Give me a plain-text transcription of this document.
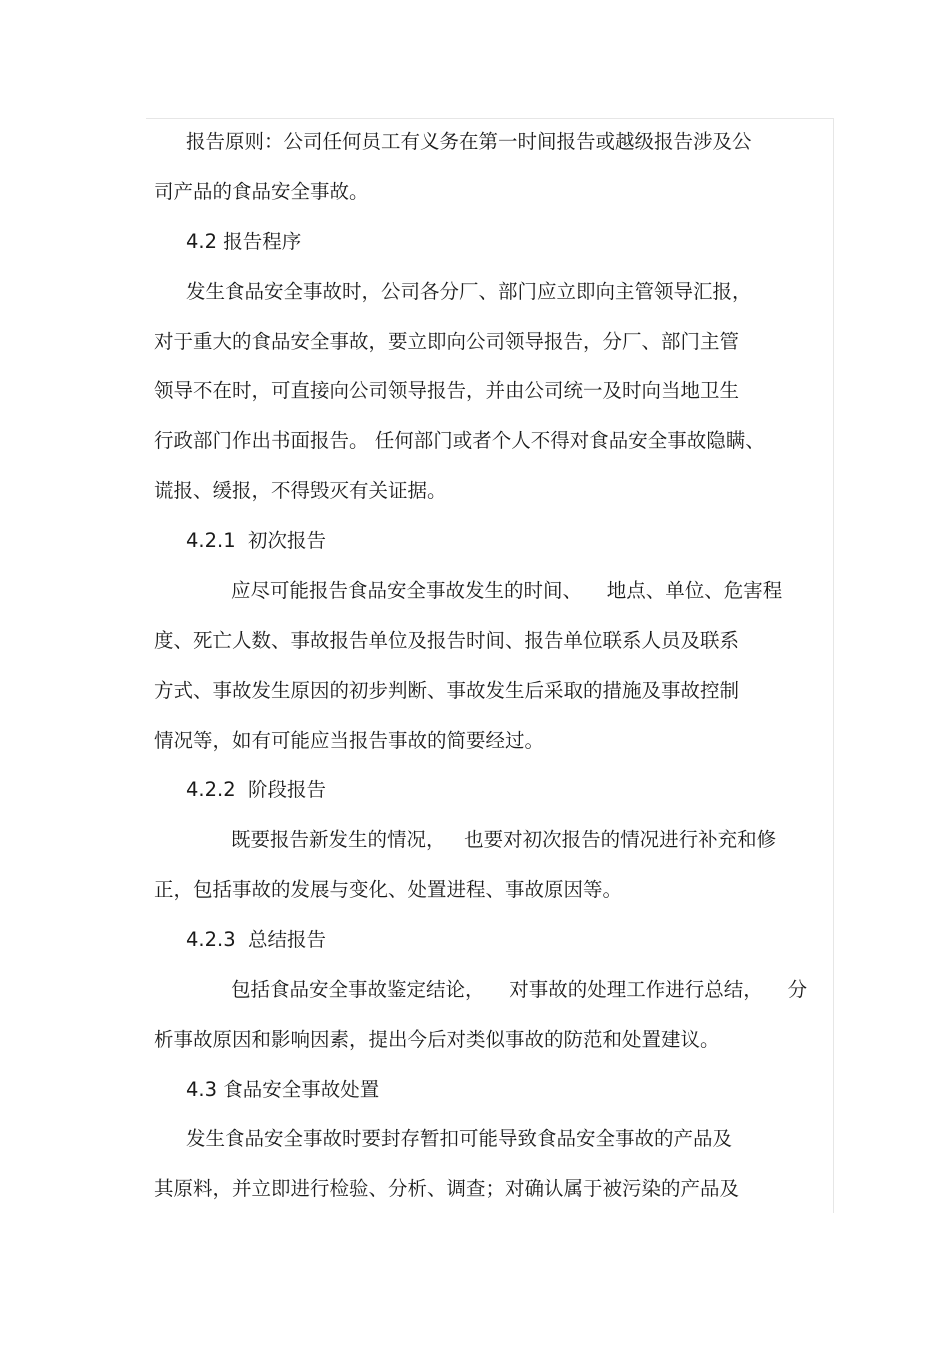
报告原则：公司任何员工有义务在第一时间报告或越级报告涉及公
司产品的食品安全事故。
4.2 报告程序
发生食品安全事故时，公司各分厂、部门应立即向主管领导汇报，
对于重大的食品安全事故，要立即向公司领导报告，分厂、部门主管
领导不在时，可直接向公司领导报告，并由公司统一及时向当地卫生
行政部门作出书面报告。 任何部门或者个人不得对食品安全事故隐瞒、
谎报、缓报，不得毁灭有关证据。
4.2.1  初次报告
应尽可能报告食品安全事故发生的时间、    地点、单位、危害程
度、死亡人数、事故报告单位及报告时间、报告单位联系人员及联系
方式、事故发生原因的初步判断、事故发生后采取的措施及事故控制
情况等，如有可能应当报告事故的简要经过。
4.2.2  阶段报告
既要报告新发生的情况，   也要对初次报告的情况进行补充和修
正，包括事故的发展与变化、处置进程、事故原因等。
4.2.3  总结报告
包括食品安全事故鉴定结论，    对事故的处理工作进行总结，    分
析事故原因和影响因素，提出今后对类似事故的防范和处置建议。
4.3 食品安全事故处置
发生食品安全事故时要封存暂扣可能导致食品安全事故的产品及
其原料，并立即进行检验、分析、调查；对确认属于被污染的产品及
